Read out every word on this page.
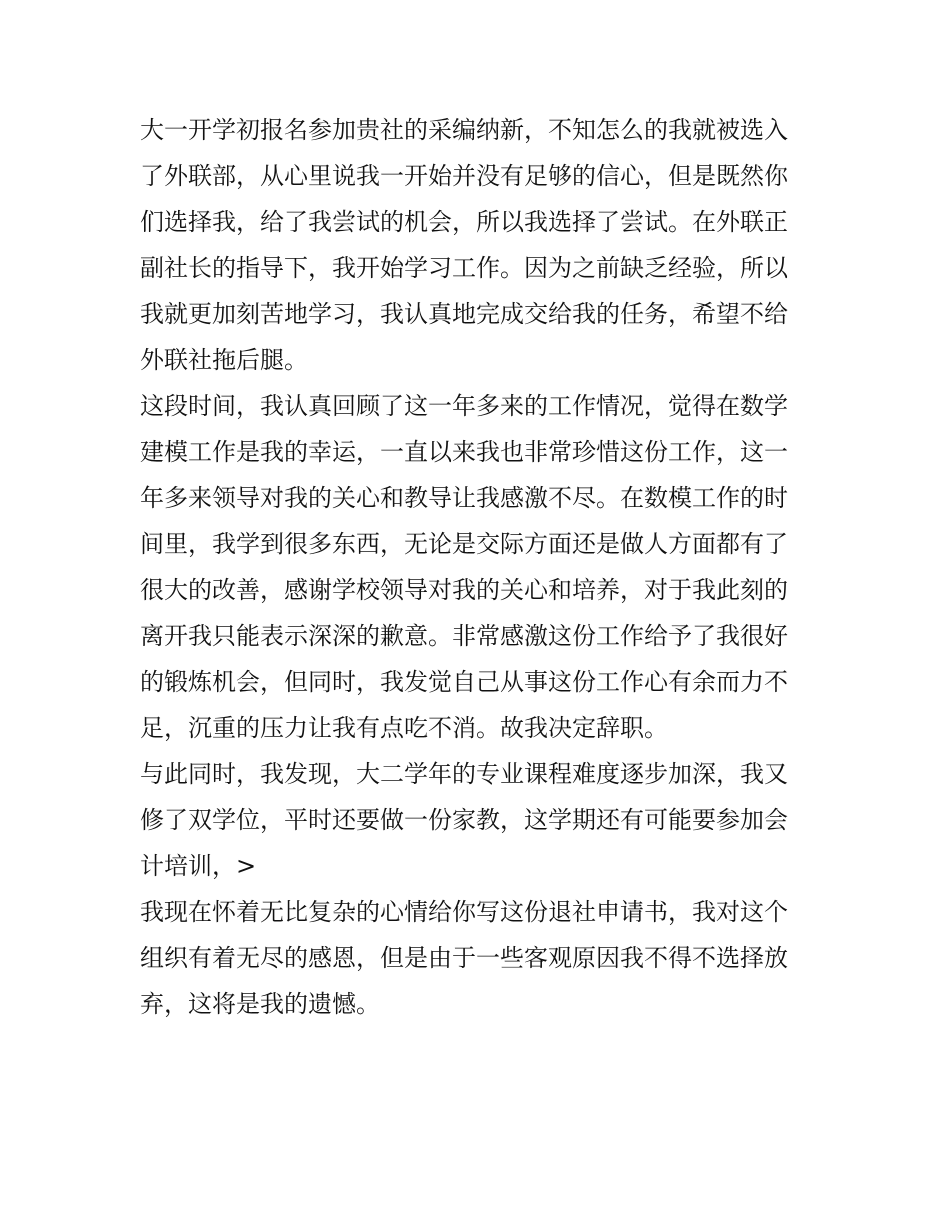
大一开学初报名参加贵社的采编纳新，不知怎么的我就被选入
了外联部，从心里说我一开始并没有足够的信心，但是既然你
们选择我，给了我尝试的机会，所以我选择了尝试。在外联正
副社长的指导下，我开始学习工作。因为之前缺乏经验，所以
我就更加刻苦地学习，我认真地完成交给我的任务，希望不给
外联社拖后腿。
这段时间，我认真回顾了这一年多来的工作情况，觉得在数学
建模工作是我的幸运，一直以来我也非常珍惜这份工作，这一
年多来领导对我的关心和教导让我感激不尽。在数模工作的时
间里，我学到很多东西，无论是交际方面还是做人方面都有了
很大的改善，感谢学校领导对我的关心和培养，对于我此刻的
离开我只能表示深深的歉意。非常感激这份工作给予了我很好
的锻炼机会，但同时，我发觉自己从事这份工作心有余而力不
足，沉重的压力让我有点吃不消。故我决定辞职。
与此同时，我发现，大二学年的专业课程难度逐步加深，我又
修了双学位，平时还要做一份家教，这学期还有可能要参加会
计培训，>
我现在怀着无比复杂的心情给你写这份退社申请书，我对这个
组织有着无尽的感恩，但是由于一些客观原因我不得不选择放
弃，这将是我的遗憾。
